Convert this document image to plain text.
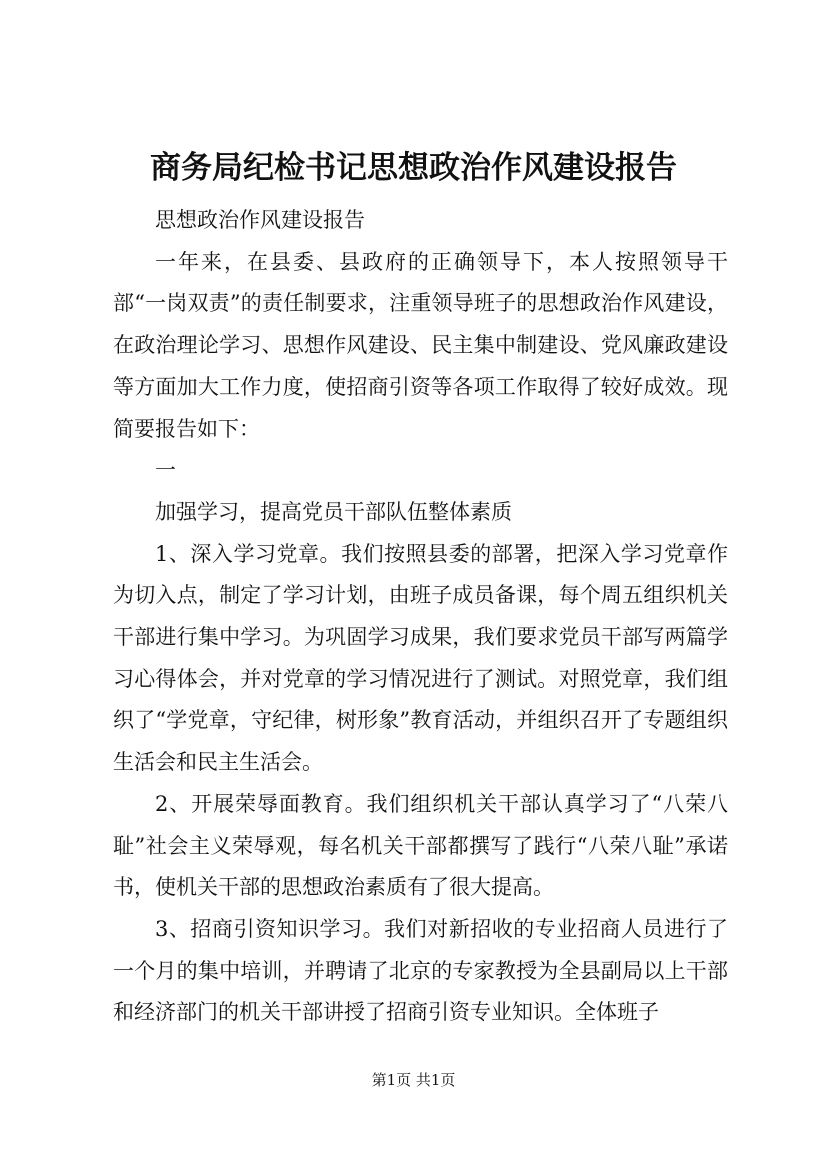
商务局纪检书记思想政治作风建设报告

思想政治作风建设报告

一年来，在县委、县政府的正确领导下，本人按照领导干部“一岗双责”的责任制要求，注重领导班子的思想政治作风建设，在政治理论学习、思想作风建设、民主集中制建设、党风廉政建设等方面加大工作力度，使招商引资等各项工作取得了较好成效。现简要报告如下：

一

加强学习，提高党员干部队伍整体素质

1、深入学习党章。我们按照县委的部署，把深入学习党章作为切入点，制定了学习计划，由班子成员备课，每个周五组织机关干部进行集中学习。为巩固学习成果，我们要求党员干部写两篇学习心得体会，并对党章的学习情况进行了测试。对照党章，我们组织了“学党章，守纪律，树形象”教育活动，并组织召开了专题组织生活会和民主生活会。

2、开展荣辱面教育。我们组织机关干部认真学习了“八荣八耻”社会主义荣辱观，每名机关干部都撰写了践行“八荣八耻”承诺书，使机关干部的思想政治素质有了很大提高。

3、招商引资知识学习。我们对新招收的专业招商人员进行了一个月的集中培训，并聘请了北京的专家教授为全县副局以上干部和经济部门的机关干部讲授了招商引资专业知识。全体班子

第1页 共1页
